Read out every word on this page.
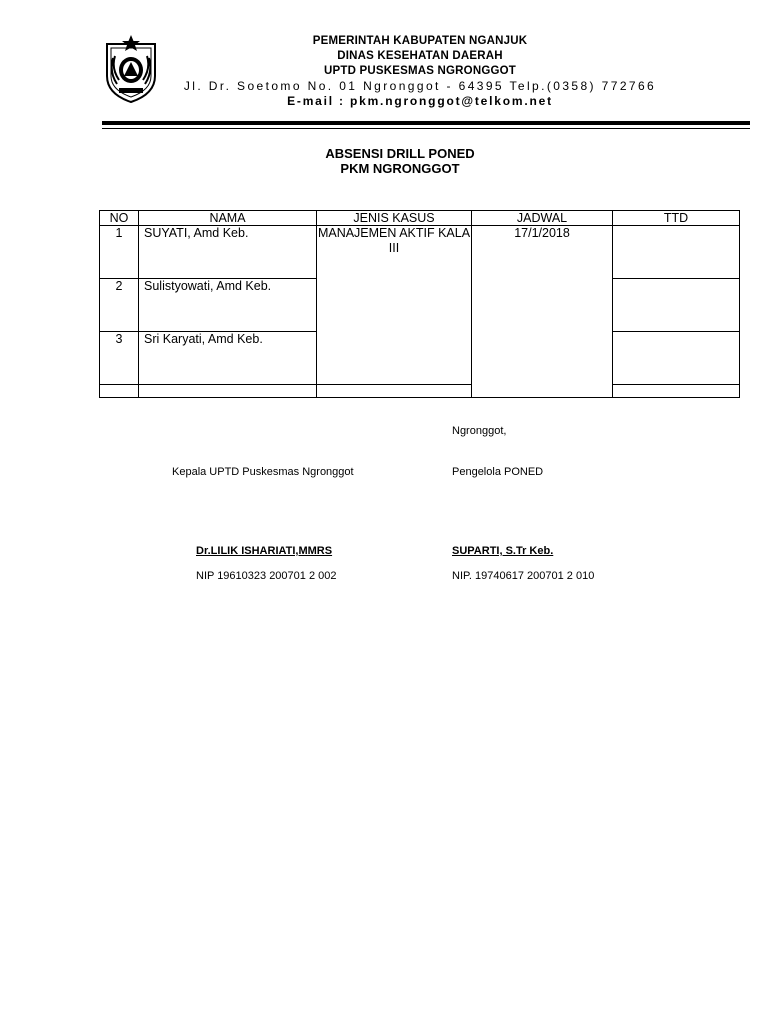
PEMERINTAH KABUPATEN NGANJUK
DINAS KESEHATAN DAERAH
UPTD PUSKESMAS NGRONGGOT
Jl. Dr. Soetomo No. 01 Ngronggot - 64395 Telp.(0358) 772766
E-mail : pkm.ngronggot@telkom.net
ABSENSI DRILL PONED
PKM NGRONGGOT
NO	NAMA	JENIS KASUS	JADWAL	TTD
1	SUYATI, Amd Keb.	MANAJEMEN AKTIF KALA III	17/1/2018	
2	Sulistyowati, Amd Keb.			
3	Sri Karyati, Amd Keb.			

Ngronggot,
Kepala UPTD Puskesmas Ngronggot	Pengelola PONED
Dr.LILIK ISHARIATI,MMRS	SUPARTI, S.Tr Keb.
NIP 19610323 200701 2 002	NIP. 19740617 200701 2 010
